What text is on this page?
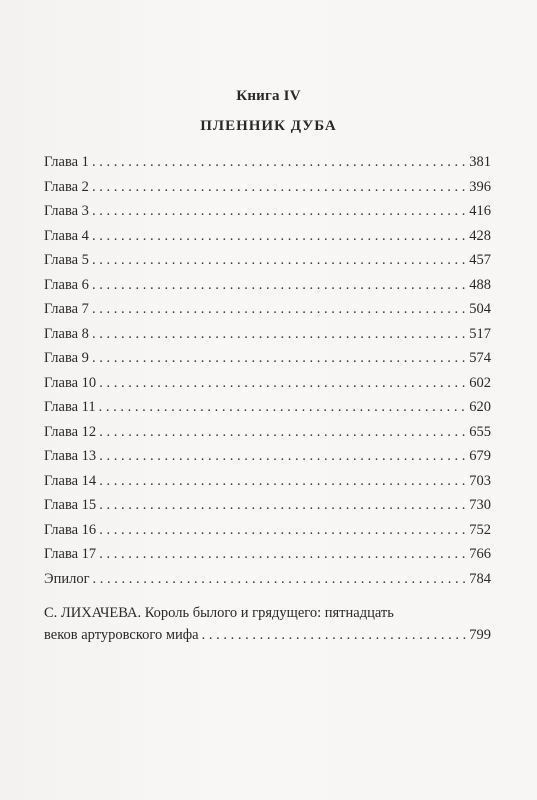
Книга IV
ПЛЕННИК ДУБА
Глава 1 . . .	381
Глава 2 . . .	396
Глава 3 . . .	416
Глава 4 . . .	428
Глава 5 . . .	457
Глава 6 . . .	488
Глава 7 . . .	504
Глава 8 . . .	517
Глава 9 . . .	574
Глава 10 . . .	602
Глава 11 . . .	620
Глава 12 . . .	655
Глава 13 . . .	679
Глава 14 . . .	703
Глава 15 . . .	730
Глава 16 . . .	752
Глава 17 . . .	766
Эпилог . . .	784
С. ЛИХАЧЕВА. Король былого и грядущего: пятнадцать
веков артуровского мифа . . .	799
